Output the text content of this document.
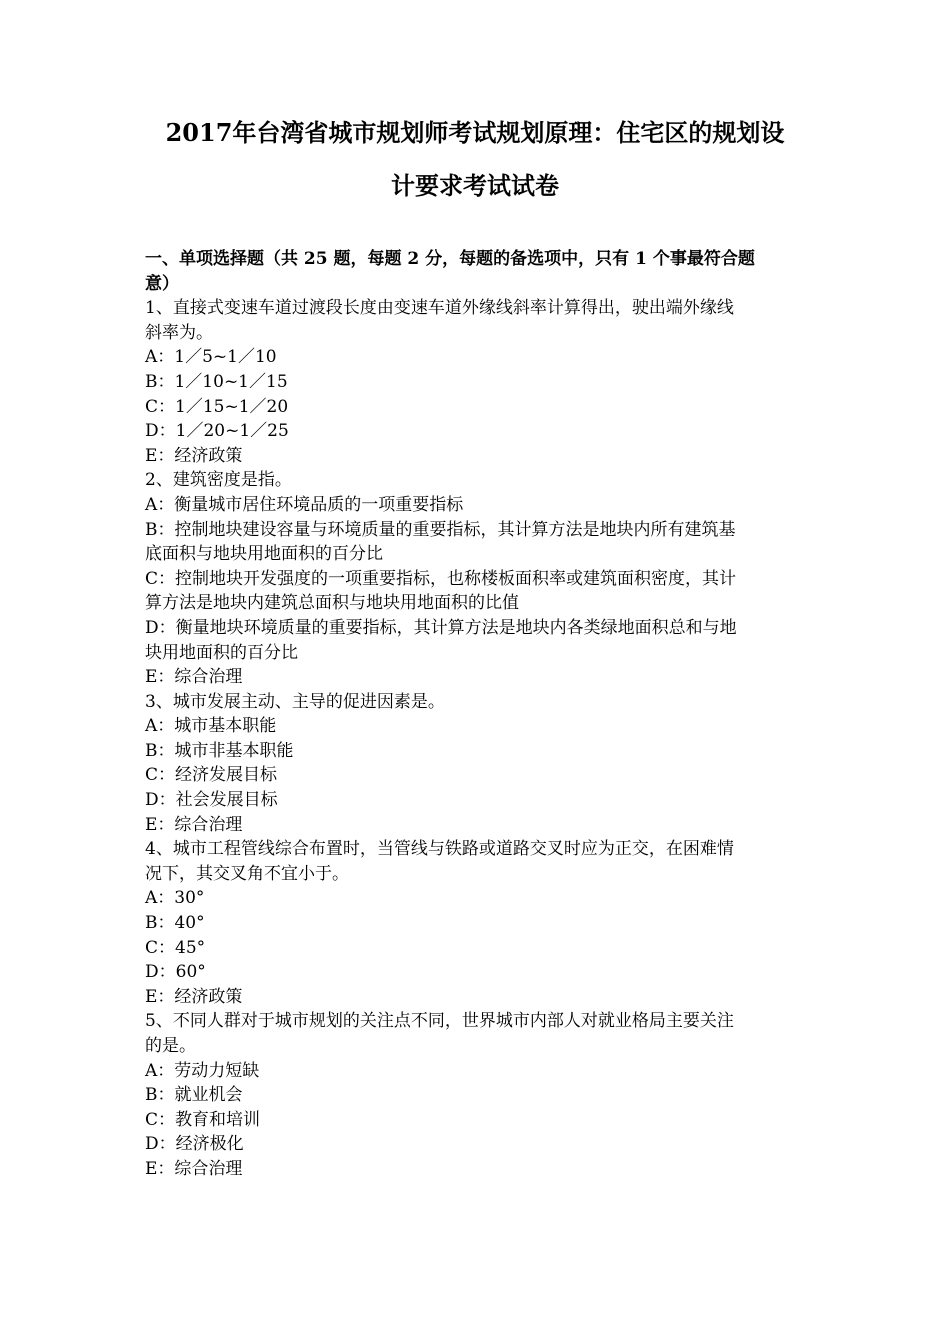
2017年台湾省城市规划师考试规划原理：住宅区的规划设
计要求考试试卷
一、单项选择题（共 25 题，每题 2 分，每题的备选项中，只有 1 个事最符合题
意）
1、直接式变速车道过渡段长度由变速车道外缘线斜率计算得出，驶出端外缘线
斜率为。
A：1／5~1／10
B：1／10~1／15
C：1／15~1／20
D：1／20~1／25
E：经济政策
2、建筑密度是指。
A：衡量城市居住环境品质的一项重要指标
B：控制地块建设容量与环境质量的重要指标，其计算方法是地块内所有建筑基
底面积与地块用地面积的百分比
C：控制地块开发强度的一项重要指标，也称楼板面积率或建筑面积密度，其计
算方法是地块内建筑总面积与地块用地面积的比值
D：衡量地块环境质量的重要指标，其计算方法是地块内各类绿地面积总和与地
块用地面积的百分比
E：综合治理
3、城市发展主动、主导的促进因素是。
A：城市基本职能
B：城市非基本职能
C：经济发展目标
D：社会发展目标
E：综合治理
4、城市工程管线综合布置时，当管线与铁路或道路交叉时应为正交，在困难情
况下，其交叉角不宜小于。
A：30°
B：40°
C：45°
D：60°
E：经济政策
5、不同人群对于城市规划的关注点不同，世界城市内部人对就业格局主要关注
的是。
A：劳动力短缺
B：就业机会
C：教育和培训
D：经济极化
E：综合治理
